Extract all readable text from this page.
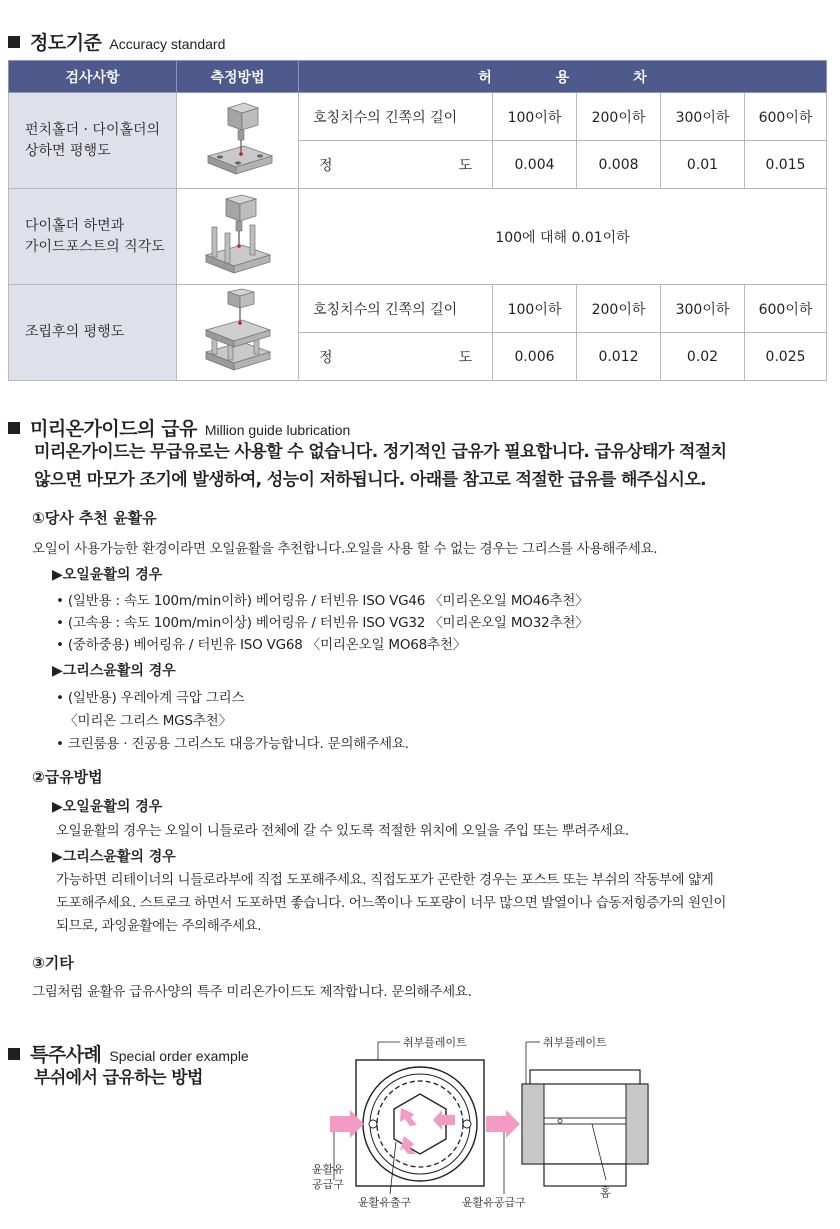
정도기준 Accuracy standard
검사사항	측정방법	허용차				

펀치홀더 · 다이홀더의
상하면 평행도		호칭치수의 긴쪽의 길이	100이하	200이하	300이하	600이하

		정 도	0.004	0.008	0.01	0.015

다이홀더 하면과
가이드포스트의 직각도		100에 대해 0.01이하				

조립후의 평행도		호칭치수의 긴쪽의 길이	100이하	200이하	300이하	600이하

		정 도	0.006	0.012	0.02	0.025
미리온가이드의 급유 Million guide lubrication
미리온가이드는 무급유로는 사용할 수 없습니다. 정기적인 급유가 필요합니다. 급유상태가 적절치
않으면 마모가 조기에 발생하여, 성능이 저하됩니다. 아래를 참고로 적절한 급유를 해주십시오.
①당사 추천 윤활유
오일이 사용가능한 환경이라면 오일윤활을 추천합니다.오일을 사용 할 수 없는 경우는 그리스를 사용해주세요.
▶오일윤활의 경우
• (일반용 : 속도 100m/min이하) 베어링유 / 터빈유 ISO VG46 〈미리온오일 MO46추천〉
• (고속용 : 속도 100m/min이상) 베어링유 / 터빈유 ISO VG32 〈미리온오일 MO32추천〉
• (중하중용) 베어링유 / 터빈유 ISO VG68 〈미리온오일 MO68추천〉
▶그리스윤활의 경우
• (일반용) 우레아계 극압 그리스
〈미리온 그리스 MGS추천〉
• 크린룸용 · 진공용 그리스도 대응가능합니다. 문의해주세요.
②급유방법
▶오일윤활의 경우
오일윤활의 경우는 오일이 니들로라 전체에 갈 수 있도록 적절한 위치에 오일을 주입 또는 뿌려주세요.
▶그리스윤활의 경우
가능하면 리테이너의 니들로라부에 직접 도포해주세요. 직접도포가 곤란한 경우는 포스트 또는 부쉬의 작동부에 얇게
도포해주세요. 스트로크 하면서 도포하면 좋습니다. 어느쪽이나 도포량이 너무 많으면 발열이나 습동저힝증가의 원인이
되므로, 과잉윤활에는 주의해주세요.
③기타
그림처럼 윤활유 급유사양의 특주 미리온가이드도 제작합니다. 문의해주세요.
특주사례 Special order example
부쉬에서 급유하는 방법
취부플레이트
윤활유
공급구
윤활유출구
취부플레이트
윤활유공급구
홈
